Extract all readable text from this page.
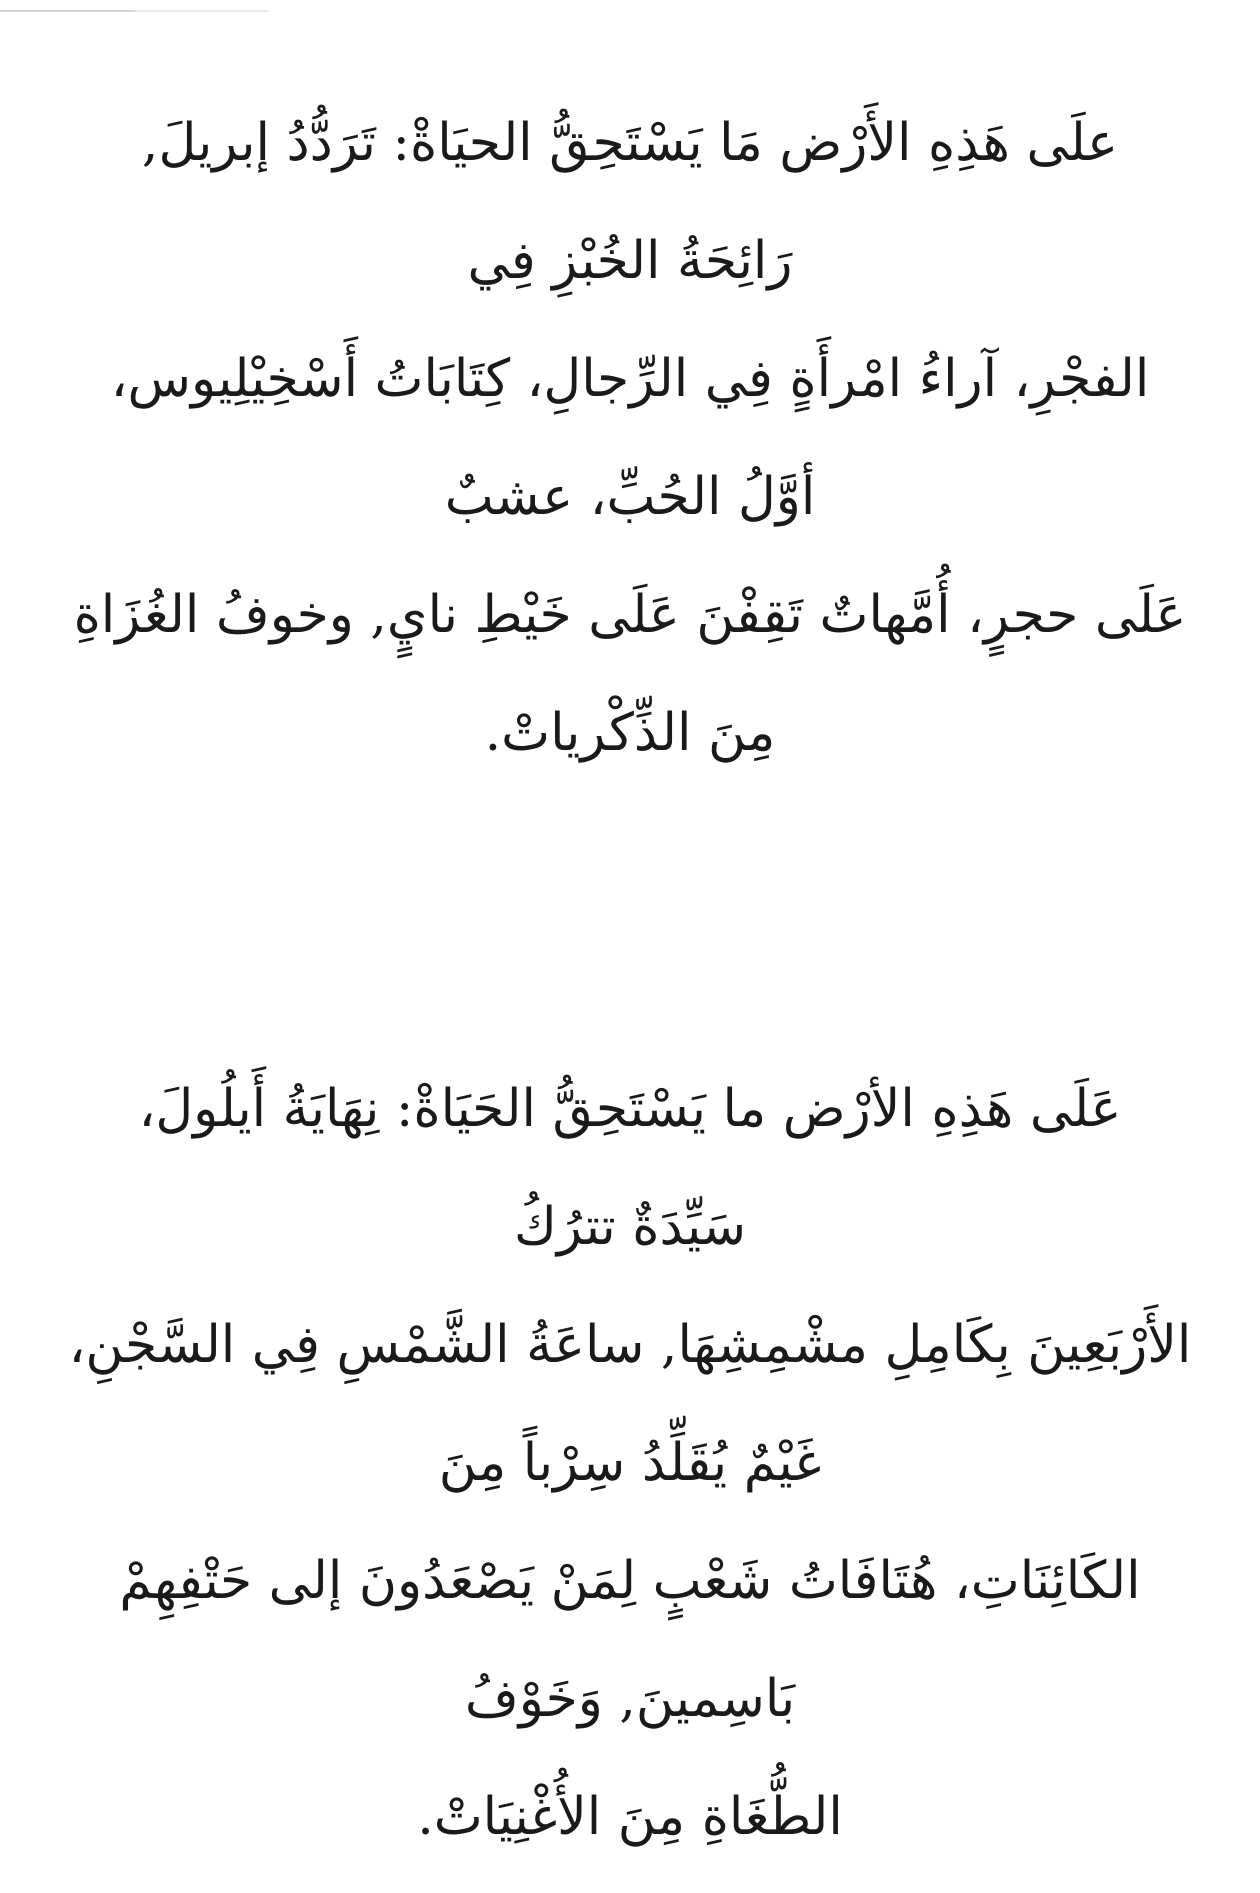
علَى هَذِهِ الأَرْض مَا يَسْتَحِقُّ الحيَاةْ: تَرَدُّدُ إبريلَ,
رَائِحَةُ الخُبْزِ فِي
الفجْرِ، آراءُ امْرأَةٍ فِي الرِّجالِ، كِتَابَاتُ أَسْخِيْلِيوس،
أوَّلُ الحُبِّ، عشبٌ
عَلَى حجرٍ، أُمَّهاتٌ تَقِفْنَ عَلَى خَيْطِ نايٍ, وخوفُ الغُزَاةِ
مِنَ الذِّكْرياتْ.
عَلَى هَذِهِ الأرْض ما يَسْتَحِقُّ الحَيَاةْ: نِهَايَةُ أَيلُولَ،
سَيِّدَةٌ تترُكُ
الأَرْبَعِينَ بِكَامِلِ مشْمِشِهَا, ساعَةُ الشَّمْسِ فِي السَّجْنِ،
غَيْمٌ يُقَلِّدُ سِرْباً مِنَ
الكَائِنَاتِ، هُتَافَاتُ شَعْبٍ لِمَنْ يَصْعَدُونَ إلى حَتْفِهِمْ
بَاسِمينَ, وَخَوْفُ
الطُّغَاةِ مِنَ الأُغْنِيَاتْ.
